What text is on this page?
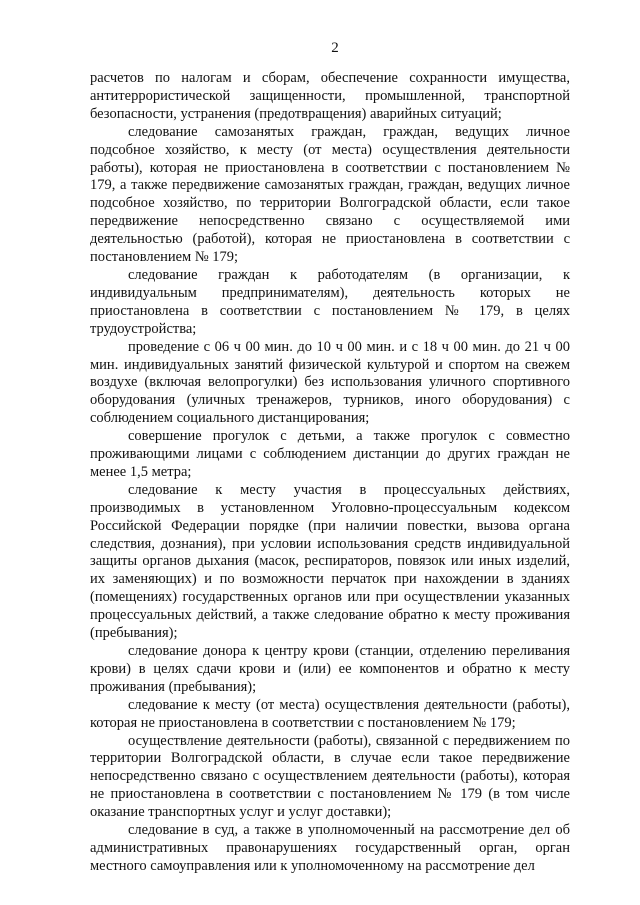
2

расчетов по налогам и сборам, обеспечение сохранности имущества, антитеррористической защищенности, промышленной, транспортной безопасности, устранения (предотвращения) аварийных ситуаций;

следование самозанятых граждан, граждан, ведущих личное подсобное хозяйство, к месту (от места) осуществления деятельности работы), которая не приостановлена в соответствии с постановлением № 179, а также передвижение самозанятых граждан, граждан, ведущих личное подсобное хозяйство, по территории Волгоградской области, если такое передвижение непосредственно связано с осуществляемой ими деятельностью (работой), которая не приостановлена в соответствии с постановлением № 179;

следование граждан к работодателям (в организации, к индивидуальным предпринимателям), деятельность которых не приостановлена в соответствии с постановлением № 179, в целях трудоустройства;

проведение с 06 ч 00 мин. до 10 ч 00 мин. и с 18 ч 00 мин. до 21 ч 00 мин. индивидуальных занятий физической культурой и спортом на свежем воздухе (включая велопрогулки) без использования уличного спортивного оборудования (уличных тренажеров, турников, иного оборудования) с соблюдением социального дистанцирования;

совершение прогулок с детьми, а также прогулок с совместно проживающими лицами с соблюдением дистанции до других граждан не менее 1,5 метра;

следование к месту участия в процессуальных действиях, производимых в установленном Уголовно-процессуальным кодексом Российской Федерации порядке (при наличии повестки, вызова органа следствия, дознания), при условии использования средств индивидуальной защиты органов дыхания (масок, респираторов, повязок или иных изделий, их заменяющих) и по возможности перчаток при нахождении в зданиях (помещениях) государственных органов или при осуществлении указанных процессуальных действий, а также следование обратно к месту проживания (пребывания);

следование донора к центру крови (станции, отделению переливания крови) в целях сдачи крови и (или) ее компонентов и обратно к месту проживания (пребывания);

следование к месту (от места) осуществления деятельности (работы), которая не приостановлена в соответствии с постановлением № 179;

осуществление деятельности (работы), связанной с передвижением по территории Волгоградской области, в случае если такое передвижение непосредственно связано с осуществлением деятельности (работы), которая не приостановлена в соответствии с постановлением № 179 (в том числе оказание транспортных услуг и услуг доставки);

следование в суд, а также в уполномоченный на рассмотрение дел об административных правонарушениях государственный орган, орган местного самоуправления или к уполномоченному на рассмотрение дел
